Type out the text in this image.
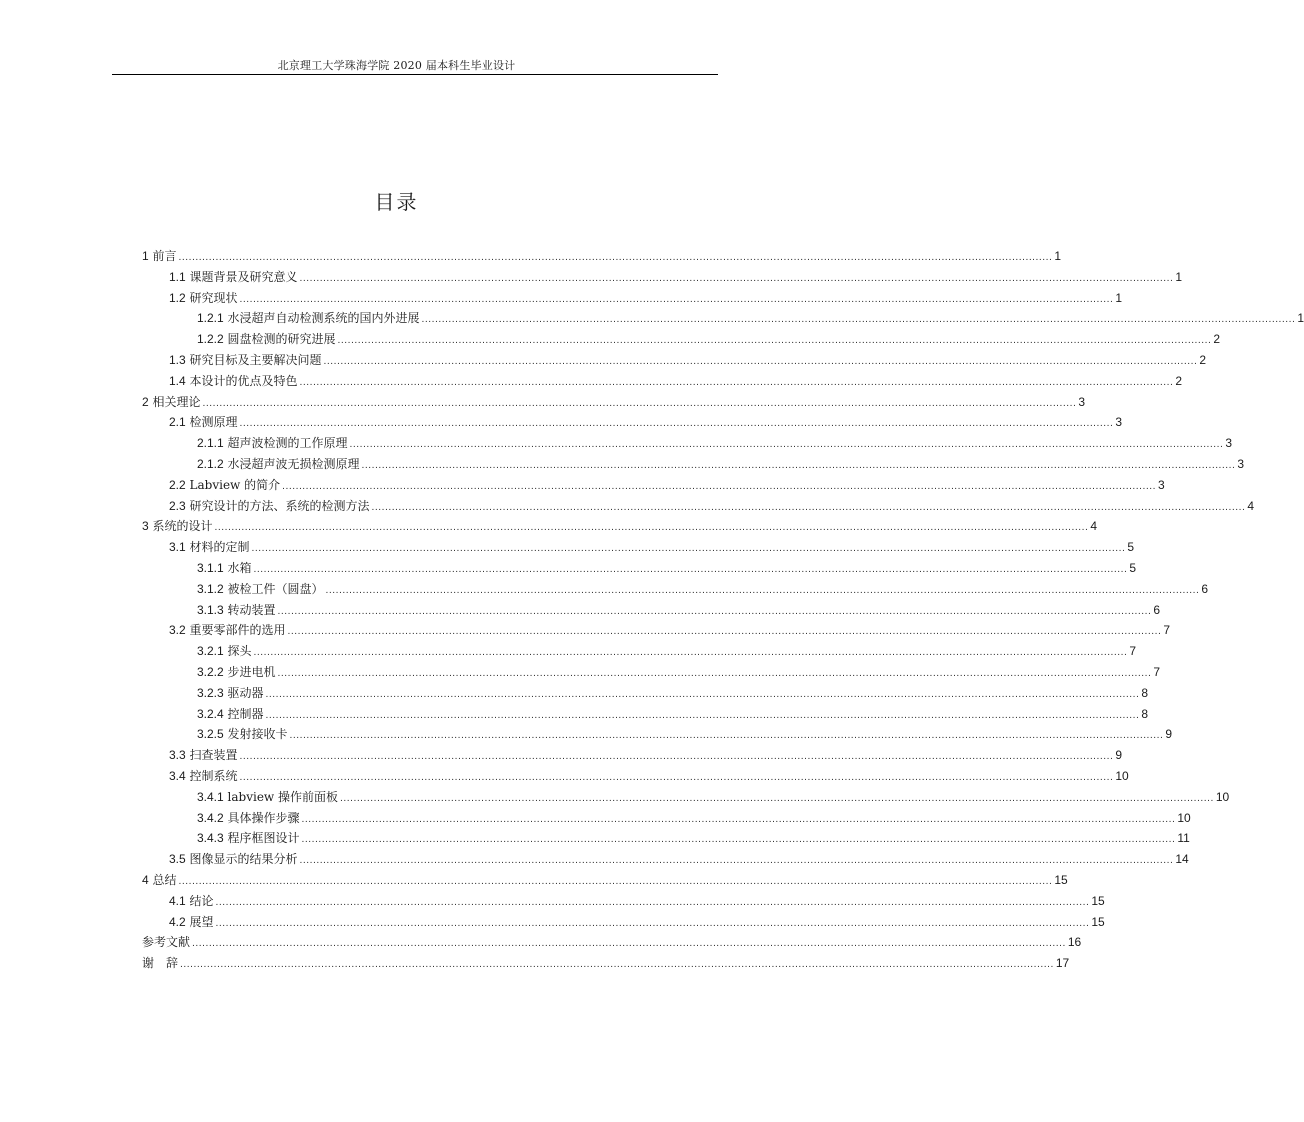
北京理工大学珠海学院 2020 届本科生毕业设计
目录
1 前言 .................................................................................................................................................................................................................................................................... 1
1.1 课题背景及研究意义 .................................................................................................................................................................................................................................................................... 1
1.2 研究现状 .................................................................................................................................................................................................................................................................... 1
1.2.1 水浸超声自动检测系统的国内外进展 .................................................................................................................................................................................................................................................................... 1
1.2.2 圆盘检测的研究进展 .................................................................................................................................................................................................................................................................... 2
1.3 研究目标及主要解决问题 .................................................................................................................................................................................................................................................................... 2
1.4 本设计的优点及特色 .................................................................................................................................................................................................................................................................... 2
2 相关理论 .................................................................................................................................................................................................................................................................... 3
2.1 检测原理 .................................................................................................................................................................................................................................................................... 3
2.1.1 超声波检测的工作原理 .................................................................................................................................................................................................................................................................... 3
2.1.2 水浸超声波无损检测原理 .................................................................................................................................................................................................................................................................... 3
2.2 Labview 的简介 .................................................................................................................................................................................................................................................................... 3
2.3 研究设计的方法、系统的检测方法 .................................................................................................................................................................................................................................................................... 4
3 系统的设计 .................................................................................................................................................................................................................................................................... 4
3.1 材料的定制 .................................................................................................................................................................................................................................................................... 5
3.1.1 水箱 .................................................................................................................................................................................................................................................................... 5
3.1.2 被检工件（圆盘） .................................................................................................................................................................................................................................................................... 6
3.1.3 转动装置 .................................................................................................................................................................................................................................................................... 6
3.2 重要零部件的选用 .................................................................................................................................................................................................................................................................... 7
3.2.1 探头 .................................................................................................................................................................................................................................................................... 7
3.2.2 步进电机 .................................................................................................................................................................................................................................................................... 7
3.2.3 驱动器 .................................................................................................................................................................................................................................................................... 8
3.2.4 控制器 .................................................................................................................................................................................................................................................................... 8
3.2.5 发射接收卡 .................................................................................................................................................................................................................................................................... 9
3.3 扫查装置 .................................................................................................................................................................................................................................................................... 9
3.4 控制系统 .................................................................................................................................................................................................................................................................... 10
3.4.1 labview 操作前面板 .................................................................................................................................................................................................................................................................... 10
3.4.2 具体操作步骤 .................................................................................................................................................................................................................................................................... 10
3.4.3 程序框图设计 .................................................................................................................................................................................................................................................................... 11
3.5 图像显示的结果分析 .................................................................................................................................................................................................................................................................... 14
4 总结 .................................................................................................................................................................................................................................................................... 15
4.1 结论 .................................................................................................................................................................................................................................................................... 15
4.2 展望 .................................................................................................................................................................................................................................................................... 15
参考文献 .................................................................................................................................................................................................................................................................... 16
谢　辞 .................................................................................................................................................................................................................................................................... 17
